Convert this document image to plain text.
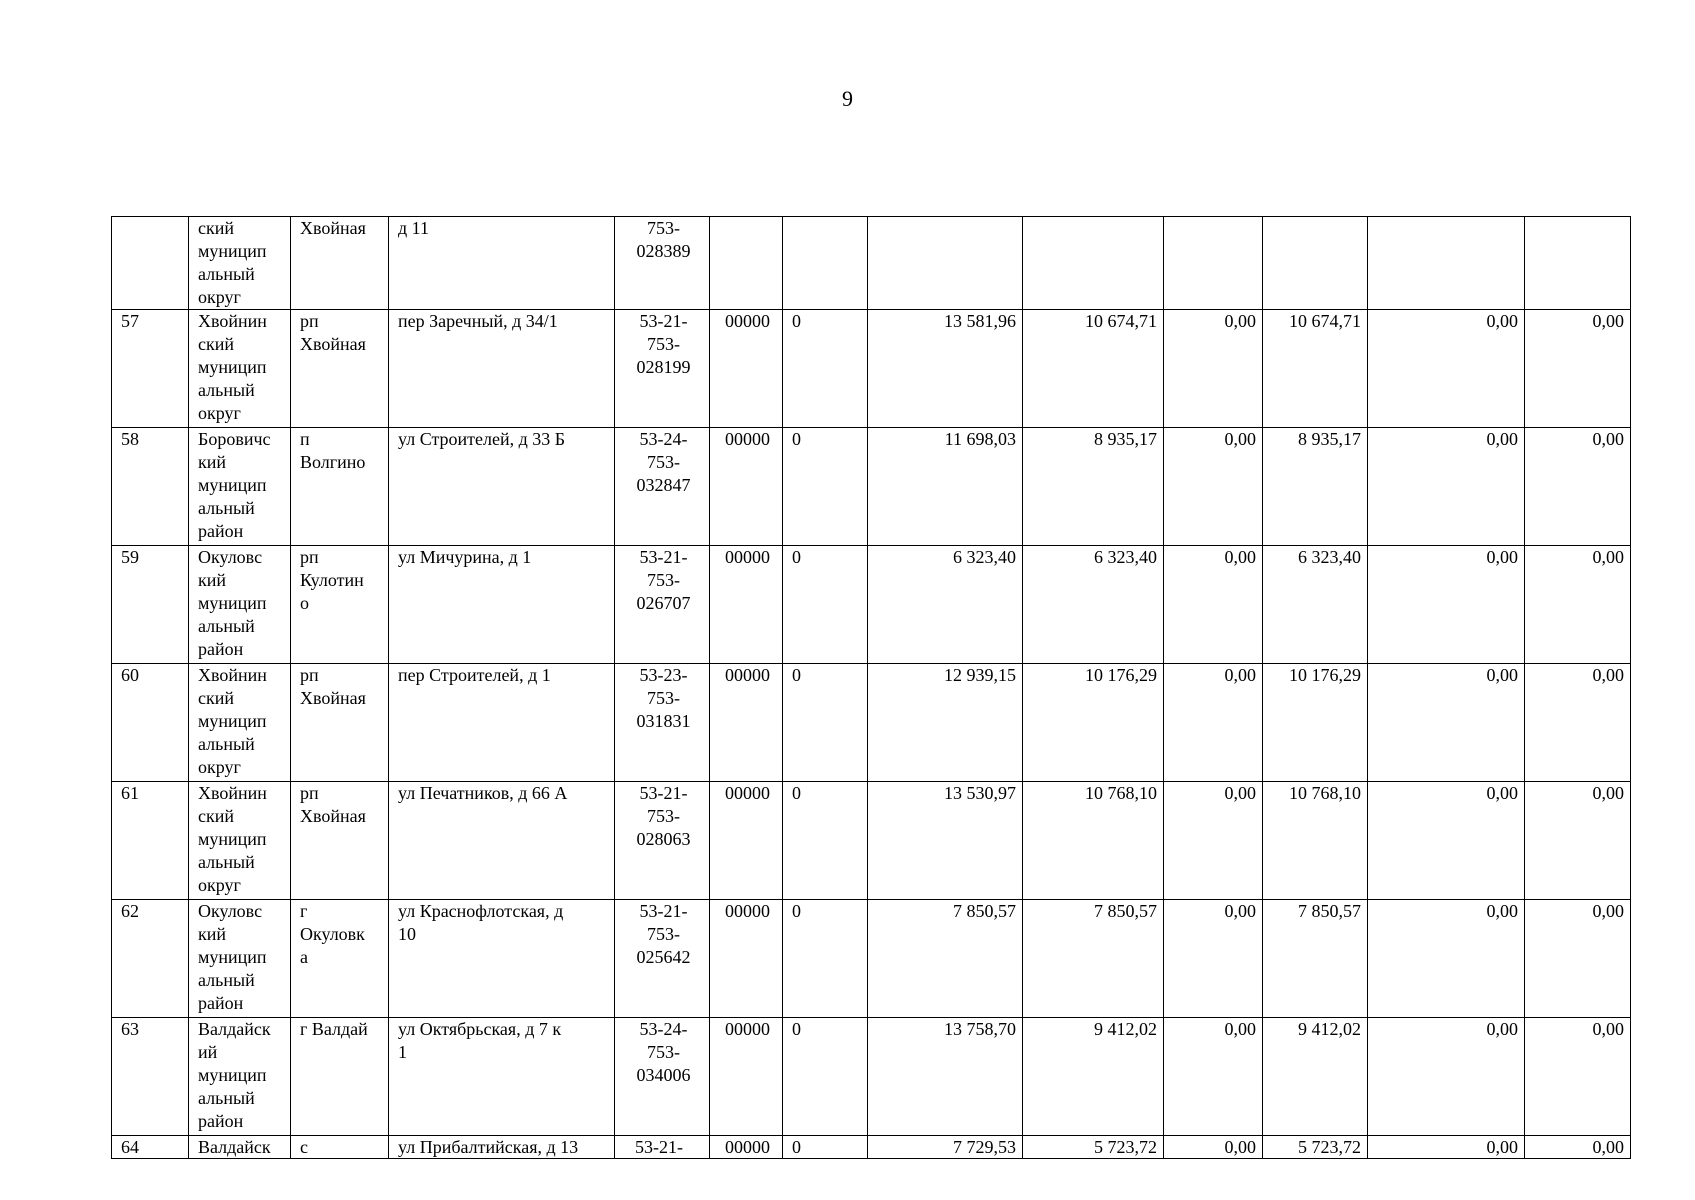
9

	ский
муницип
альный
округ	Хвойная	д 11	753-
028389								

57	Хвойнин
ский
муницип
альный
округ	рп
Хвойная	пер Заречный, д 34/1	53-21-
753-
028199	00000	0	13 581,96	10 674,71	0,00	10 674,71	0,00	0,00
58	Боровичс
кий
муницип
альный
район	п
Волгино	ул Строителей, д 33 Б	53-24-
753-
032847	00000	0	11 698,03	8 935,17	0,00	8 935,17	0,00	0,00
59	Окуловс
кий
муницип
альный
район	рп
Кулотин
о	ул Мичурина, д 1	53-21-
753-
026707	00000	0	6 323,40	6 323,40	0,00	6 323,40	0,00	0,00
60	Хвойнин
ский
муницип
альный
округ	рп
Хвойная	пер Строителей, д 1	53-23-
753-
031831	00000	0	12 939,15	10 176,29	0,00	10 176,29	0,00	0,00
61	Хвойнин
ский
муницип
альный
округ	рп
Хвойная	ул Печатников, д 66 А	53-21-
753-
028063	00000	0	13 530,97	10 768,10	0,00	10 768,10	0,00	0,00
62	Окуловс
кий
муницип
альный
район	г
Окуловк
а	ул Краснофлотская, д
10	53-21-
753-
025642	00000	0	7 850,57	7 850,57	0,00	7 850,57	0,00	0,00
63	Валдайск
ий
муницип
альный
район	г Валдай	ул Октябрьская, д 7 к
1	53-24-
753-
034006	00000	0	13 758,70	9 412,02	0,00	9 412,02	0,00	0,00
64	Валдайск	с	ул Прибалтийская, д 13	53-21-	00000	0	7 729,53	5 723,72	0,00	5 723,72	0,00	0,00
